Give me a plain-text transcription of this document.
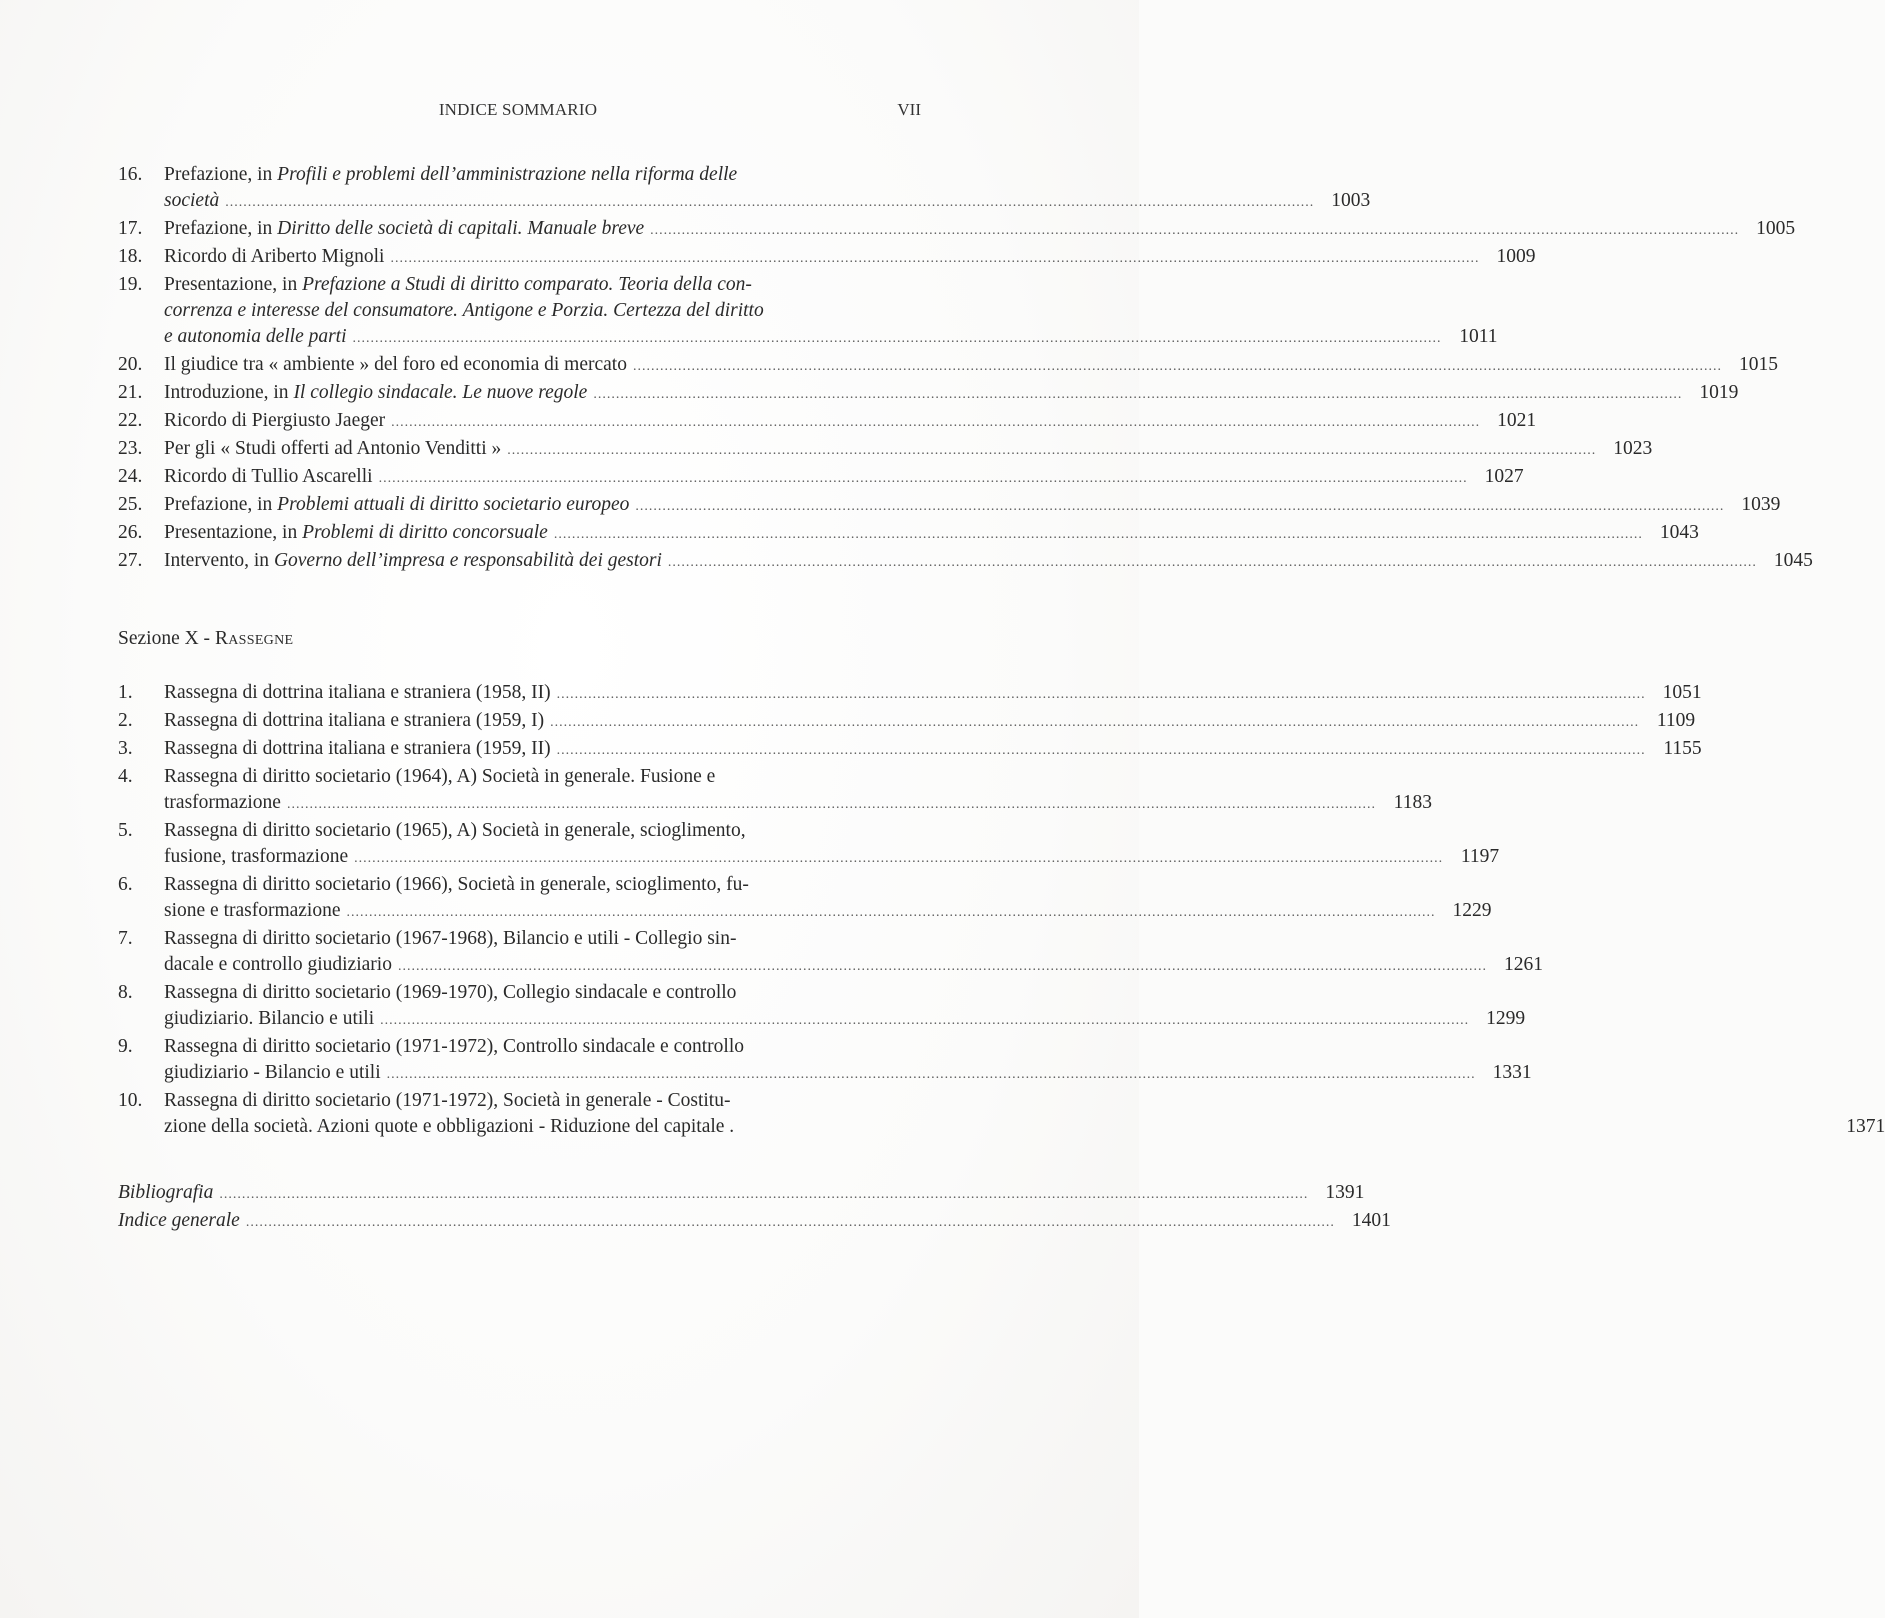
INDICE SOMMARIO	VII
16.	Prefazione, in Profili e problemi dell’amministrazione nella riforma delle
società .....	1003
17.	Prefazione, in Diritto delle società di capitali. Manuale breve .....	1005
18.	Ricordo di Ariberto Mignoli .....	1009
19.	Presentazione, in Prefazione a Studi di diritto comparato. Teoria della con-
correnza e interesse del consumatore. Antigone e Porzia. Certezza del diritto
e autonomia delle parti .....	1011
20.	Il giudice tra « ambiente » del foro ed economia di mercato .....	1015
21.	Introduzione, in Il collegio sindacale. Le nuove regole .....	1019
22.	Ricordo di Piergiusto Jaeger .....	1021
23.	Per gli « Studi offerti ad Antonio Venditti » .....	1023
24.	Ricordo di Tullio Ascarelli .....	1027
25.	Prefazione, in Problemi attuali di diritto societario europeo .....	1039
26.	Presentazione, in Problemi di diritto concorsuale .....	1043
27.	Intervento, in Governo dell’impresa e responsabilità dei gestori .....	1045
Sezione X - Rassegne
1.	Rassegna di dottrina italiana e straniera (1958, II) .....	1051
2.	Rassegna di dottrina italiana e straniera (1959, I) .....	1109
3.	Rassegna di dottrina italiana e straniera (1959, II) .....	1155
4.	Rassegna di diritto societario (1964), A) Società in generale. Fusione e
trasformazione .....	1183
5.	Rassegna di diritto societario (1965), A) Società in generale, scioglimento,
fusione, trasformazione .....	1197
6.	Rassegna di diritto societario (1966), Società in generale, scioglimento, fu-
sione e trasformazione .....	1229
7.	Rassegna di diritto societario (1967-1968), Bilancio e utili - Collegio sin-
dacale e controllo giudiziario .....	1261
8.	Rassegna di diritto societario (1969-1970), Collegio sindacale e controllo
giudiziario. Bilancio e utili .....	1299
9.	Rassegna di diritto societario (1971-1972), Controllo sindacale e controllo
giudiziario - Bilancio e utili .....	1331
10.	Rassegna di diritto societario (1971-1972), Società in generale - Costitu-
zione della società. Azioni quote e obbligazioni - Riduzione del capitale .	1371
Bibliografia .....	1391
Indice generale .....	1401
